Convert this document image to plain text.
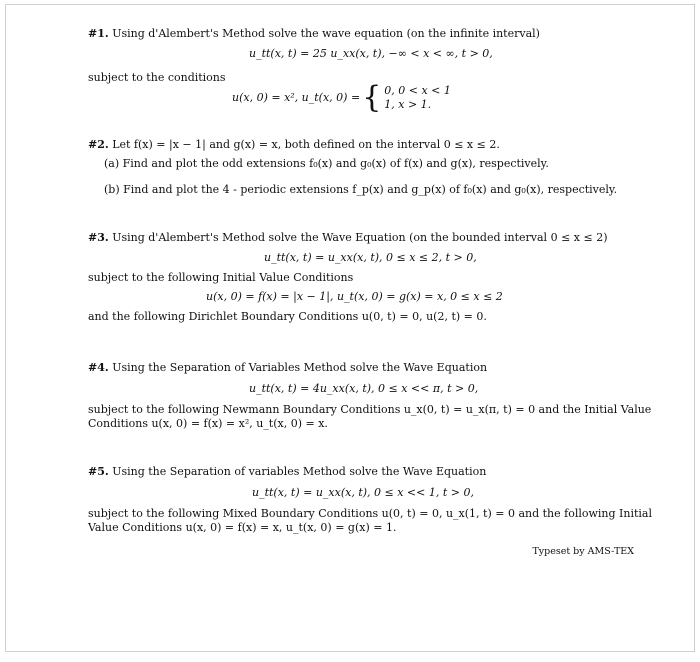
#1. Using d'Alembert's Method solve the wave equation (on the infinite interval)
u_tt(x, t) = 25 u_xx(x, t), −∞ < x < ∞, t > 0,
subject to the conditions
u(x, 0) = x², u_t(x, 0) = { 0, 0 < x < 1
1, x > 1.
#2. Let f(x) = |x − 1| and g(x) = x, both defined on the interval 0 ≤ x ≤ 2.
(a) Find and plot the odd extensions f₀(x) and g₀(x) of f(x) and g(x), respectively.
(b) Find and plot the 4 - periodic extensions f_p(x) and g_p(x) of f₀(x) and g₀(x), respectively.
#3. Using d'Alembert's Method solve the Wave Equation (on the bounded interval 0 ≤ x ≤ 2)
u_tt(x, t) = u_xx(x, t), 0 ≤ x ≤ 2, t > 0,
subject to the following Initial Value Conditions
u(x, 0) = f(x) = |x − 1|, u_t(x, 0) = g(x) = x, 0 ≤ x ≤ 2
and the following Dirichlet Boundary Conditions u(0, t) = 0, u(2, t) = 0.
#4. Using the Separation of Variables Method solve the Wave Equation
u_tt(x, t) = 4u_xx(x, t), 0 ≤ x << π, t > 0,
subject to the following Newmann Boundary Conditions u_x(0, t) = u_x(π, t) = 0 and the Initial Value
Conditions u(x, 0) = f(x) = x², u_t(x, 0) = x.
#5. Using the Separation of variables Method solve the Wave Equation
u_tt(x, t) = u_xx(x, t), 0 ≤ x << 1, t > 0,
subject to the following Mixed Boundary Conditions u(0, t) = 0, u_x(1, t) = 0 and the following Initial
Value Conditions u(x, 0) = f(x) = x, u_t(x, 0) = g(x) = 1.
Typeset by AMS-TEX
